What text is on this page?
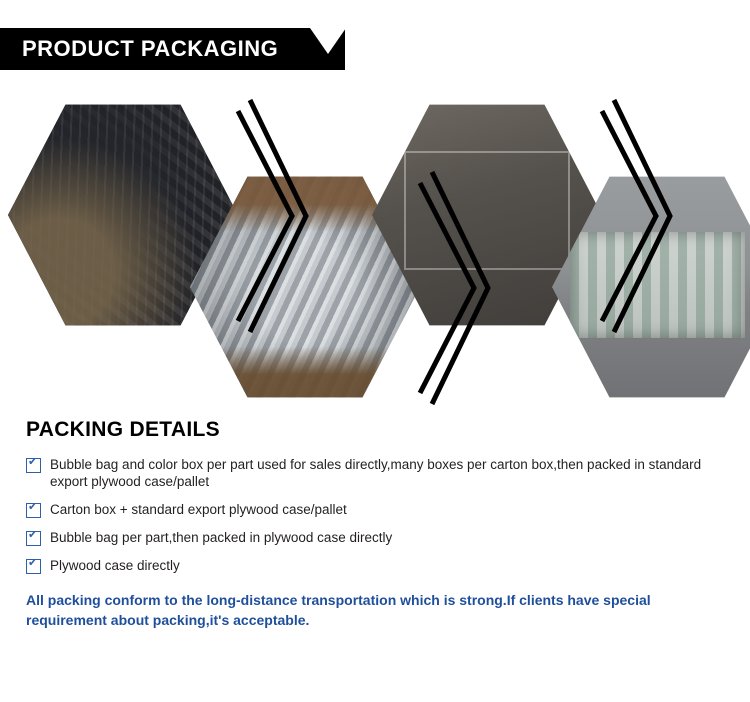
PRODUCT PACKAGING
PACKING DETAILS
✔
Bubble bag and color box per part used for sales directly,many boxes per carton box,then packed in standard export plywood case/pallet
✔
Carton box + standard export plywood case/pallet
✔
Bubble bag per part,then packed in plywood case directly
✔
Plywood case directly

All packing conform to the long-distance transportation which is strong.If clients have special requirement about packing,it's acceptable.
